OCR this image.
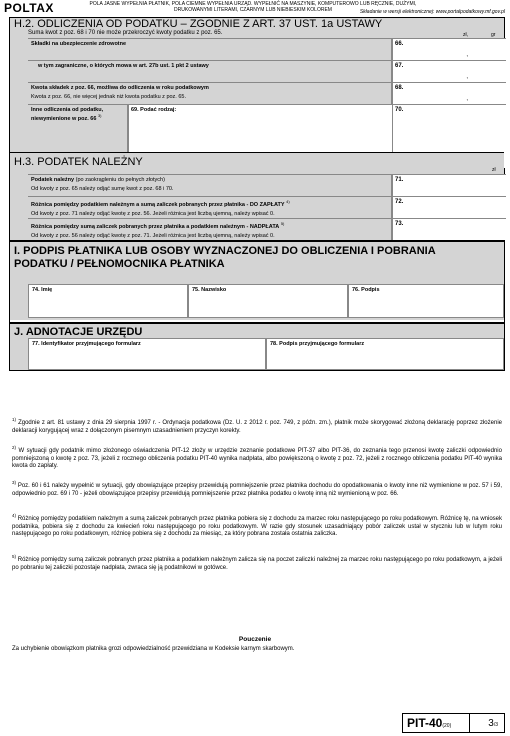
POLTAX	POLA JASNE WYPEŁNIA PŁATNIK, POLA CIEMNE WYPEŁNIA URZĄD. WYPEŁNIĆ NA MASZYNIE, KOMPUTEROWO LUB RĘCZNIE, DUŻYMI, DRUKOWANYMI LITERAMI, CZARNYM LUB NIEBIESKIM KOLOREM	Składanie w wersji elektronicznej: www.portalpodatkowy.mf.gov.pl
H.2. ODLICZENIA OD PODATKU – ZGODNIE Z ART. 37 UST. 1a USTAWY
Suma kwot z poz. 68 i 70 nie może przekroczyć kwoty podatku z poz. 65.	zł,	gr
Składki na ubezpieczenie zdrowotne	66.
,
w tym zagraniczne, o których mowa w art. 27b ust. 1 pkt 2 ustawy	67.
,
Kwota składek z poz. 66, możliwa do odliczenia w roku podatkowym

Kwota z poz. 66, nie więcej jednak niż kwota podatku z poz. 65.
68.
,
Inne odliczenia od podatku, niewymienione w poz. 66 $^{3)}$
69. Podać rodzaj:	70.
H.3. PODATEK NALEŻNY
zł
Podatek należny (po zaokrągleniu do pełnych złotych)

Od kwoty z poz. 65 należy odjąć sumę kwot z poz. 68 i 70.
71.
Różnica pomiędzy podatkiem należnym a sumą zaliczek pobranych przez płatnika - DO ZAPŁATY $^{4)}$

Od kwoty z poz. 71 należy odjąć kwotę z poz. 56. Jeżeli różnica jest liczbą ujemną, należy wpisać 0.
72.
Różnica pomiędzy sumą zaliczek pobranych przez płatnika a podatkiem należnym - NADPŁATA $^{5)}$

Od kwoty z poz. 56 należy odjąć kwotę z poz. 71. Jeżeli różnica jest liczbą ujemną, należy wpisać 0.
73.
I. PODPIS PŁATNIKA LUB OSOBY WYZNACZONEJ DO OBLICZENIA I POBRANIA PODATKU / PEŁNOMOCNIKA PŁATNIKA
74. Imię	75. Nazwisko	76. Podpis
J. ADNOTACJE URZĘDU
77. Identyfikator przyjmującego formularz	78. Podpis przyjmującego formularz
$^{1)}$ Zgodnie z art. 81 ustawy z dnia 29 sierpnia 1997 r. - Ordynacja podatkowa (Dz. U. z 2012 r. poz. 749, z późn. zm.), płatnik może skorygować złożoną deklarację poprzez złożenie deklaracji korygującej wraz z dołączonym pisemnym uzasadnieniem przyczyn korekty.
$^{2)}$ W sytuacji gdy podatnik mimo złożonego oświadczenia PIT-12 złoży w urzędzie zeznanie podatkowe PIT-37 albo PIT-36, do zeznania tego przenosi kwotę zaliczki odpowiednio pomniejszoną o kwotę z poz. 73, jeżeli z rocznego obliczenia podatku PIT-40 wynika nadpłata, albo powiększoną o kwotę z poz. 72, jeżeli z rocznego obliczenia podatku PIT-40 wynika kwota do zapłaty.
$^{3)}$ Poz. 60 i 61 należy wypełnić w sytuacji, gdy obowiązujące przepisy przewidują pomniejszenie przez płatnika dochodu do opodatkowania o kwoty inne niż wymienione w poz. 57 i 59, odpowiednio poz. 69 i 70 - jeżeli obowiązujące przepisy przewidują pomniejszenie przez płatnika podatku o kwotę inną niż wymienioną w poz. 66.
$^{4)}$ Różnicę pomiędzy podatkiem należnym a sumą zaliczek pobranych przez płatnika pobiera się z dochodu za marzec roku następującego po roku podatkowym. Różnicę tę, na wniosek podatnika, pobiera się z dochodu za kwiecień roku następującego po roku podatkowym. W razie gdy stosunek uzasadniający pobór zaliczek ustał w styczniu lub w lutym roku następującego po roku podatkowym, różnicę pobiera się z dochodu za miesiąc, za który pobrana została ostatnia zaliczka.
$^{5)}$ Różnicę pomiędzy sumą zaliczek pobranych przez płatnika a podatkiem należnym zalicza się na poczet zaliczki należnej za marzec roku następującego po roku podatkowym, a jeżeli po pobraniu tej zaliczki pozostaje nadpłata, zwraca się ją podatnikowi w gotówce.
Pouczenie
Za uchybienie obowiązkom płatnika grozi odpowiedzialność przewidziana w Kodeksie karnym skarbowym.
PIT-40(20)	3/3
